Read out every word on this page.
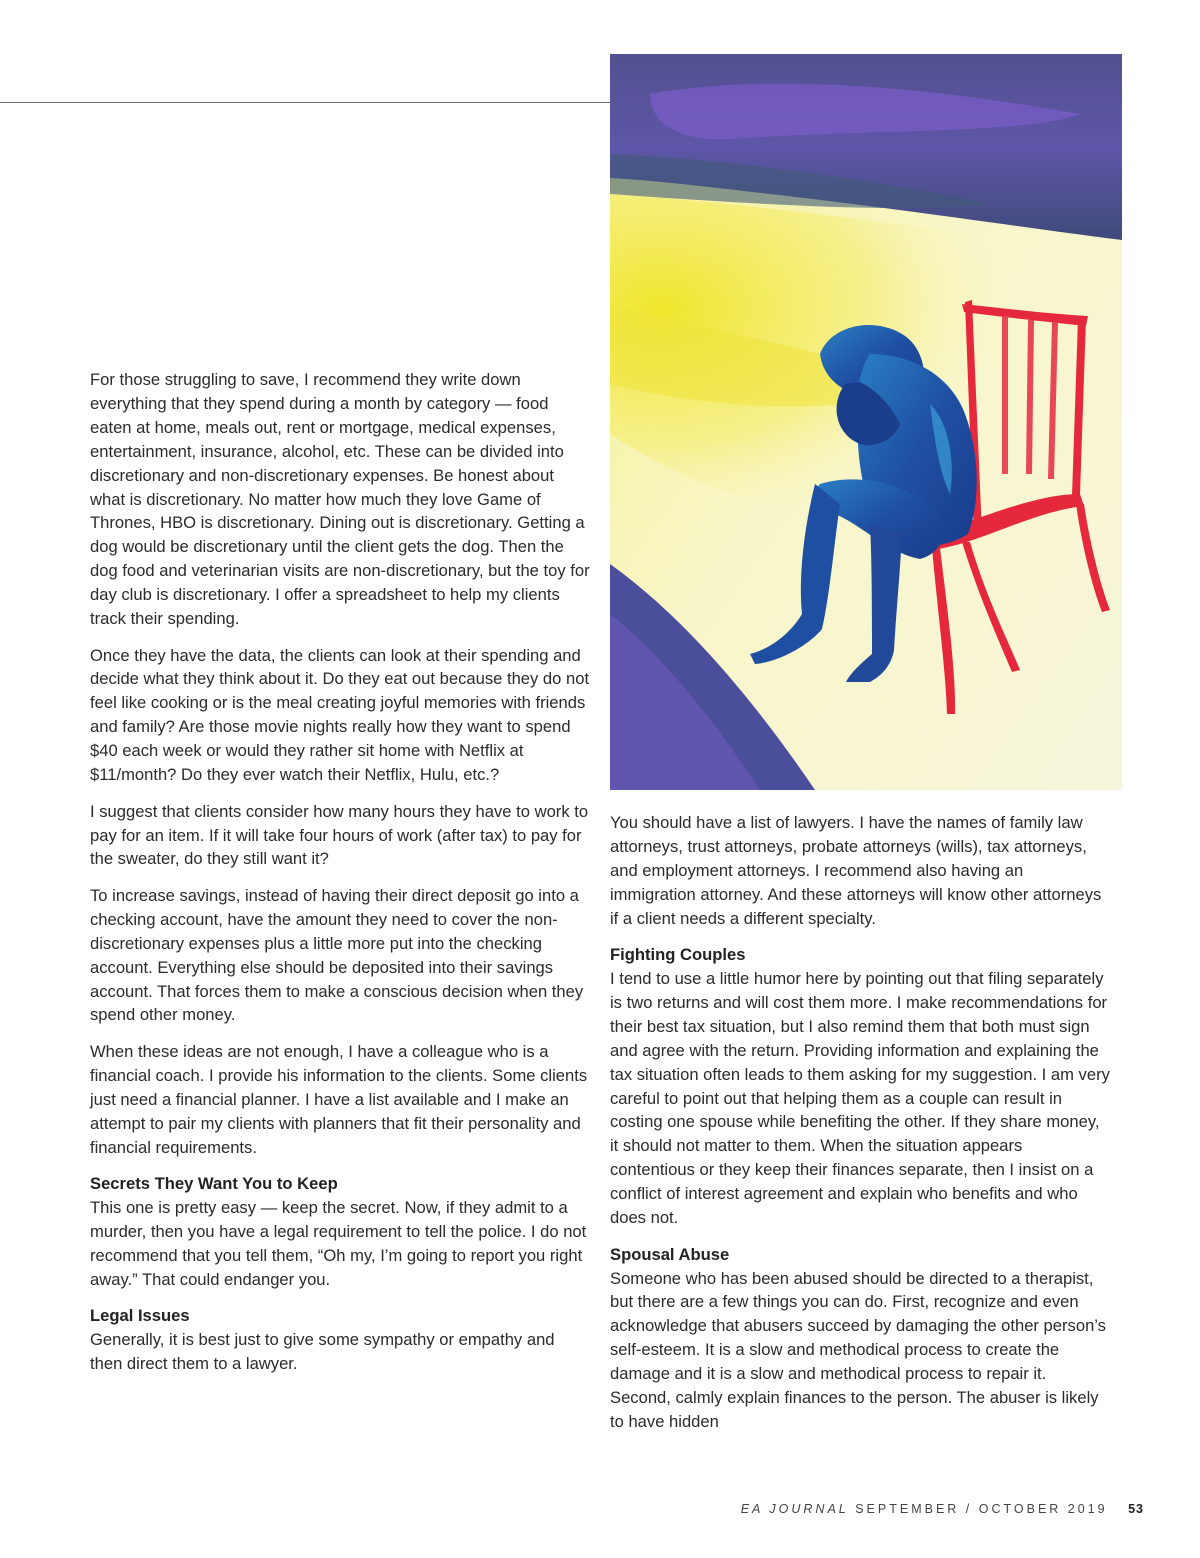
For those struggling to save, I recommend they write down everything that they spend during a month by category — food eaten at home, meals out, rent or mortgage, medical expenses, entertainment, insurance, alcohol, etc. These can be divided into discretionary and non-discretionary expenses. Be honest about what is discretionary. No matter how much they love Game of Thrones, HBO is discretionary. Dining out is discretionary. Getting a dog would be discretionary until the client gets the dog. Then the dog food and veterinarian visits are non-discretionary, but the toy for day club is discretionary. I offer a spreadsheet to help my clients track their spending.

Once they have the data, the clients can look at their spending and decide what they think about it. Do they eat out because they do not feel like cooking or is the meal creating joyful memories with friends and family? Are those movie nights really how they want to spend $40 each week or would they rather sit home with Netflix at $11/month? Do they ever watch their Netflix, Hulu, etc.?

I suggest that clients consider how many hours they have to work to pay for an item. If it will take four hours of work (after tax) to pay for the sweater, do they still want it?

To increase savings, instead of having their direct deposit go into a checking account, have the amount they need to cover the non-discretionary expenses plus a little more put into the checking account. Everything else should be deposited into their savings account. That forces them to make a conscious decision when they spend other money.

When these ideas are not enough, I have a colleague who is a financial coach. I provide his information to the clients. Some clients just need a financial planner. I have a list available and I make an attempt to pair my clients with planners that fit their personality and financial requirements.

Secrets They Want You to Keep

This one is pretty easy — keep the secret. Now, if they admit to a murder, then you have a legal requirement to tell the police. I do not recommend that you tell them, “Oh my, I’m going to report you right away.” That could endanger you.

Legal Issues

Generally, it is best just to give some sympathy or empathy and then direct them to a lawyer.

You should have a list of lawyers. I have the names of family law attorneys, trust attorneys, probate attorneys (wills), tax attorneys, and employment attorneys. I recommend also having an immigration attorney. And these attorneys will know other attorneys if a client needs a different specialty.

Fighting Couples

I tend to use a little humor here by pointing out that filing separately is two returns and will cost them more. I make recommendations for their best tax situation, but I also remind them that both must sign and agree with the return. Providing information and explaining the tax situation often leads to them asking for my suggestion. I am very careful to point out that helping them as a couple can result in costing one spouse while benefiting the other. If they share money, it should not matter to them. When the situation appears contentious or they keep their finances separate, then I insist on a conflict of interest agreement and explain who benefits and who does not.

Spousal Abuse

Someone who has been abused should be directed to a therapist, but there are a few things you can do. First, recognize and even acknowledge that abusers succeed by damaging the other person’s self-esteem. It is a slow and methodical process to create the damage and it is a slow and methodical process to repair it. Second, calmly explain finances to the person. The abuser is likely to have hidden

EA JOURNAL SEPTEMBER / OCTOBER 2019 53
